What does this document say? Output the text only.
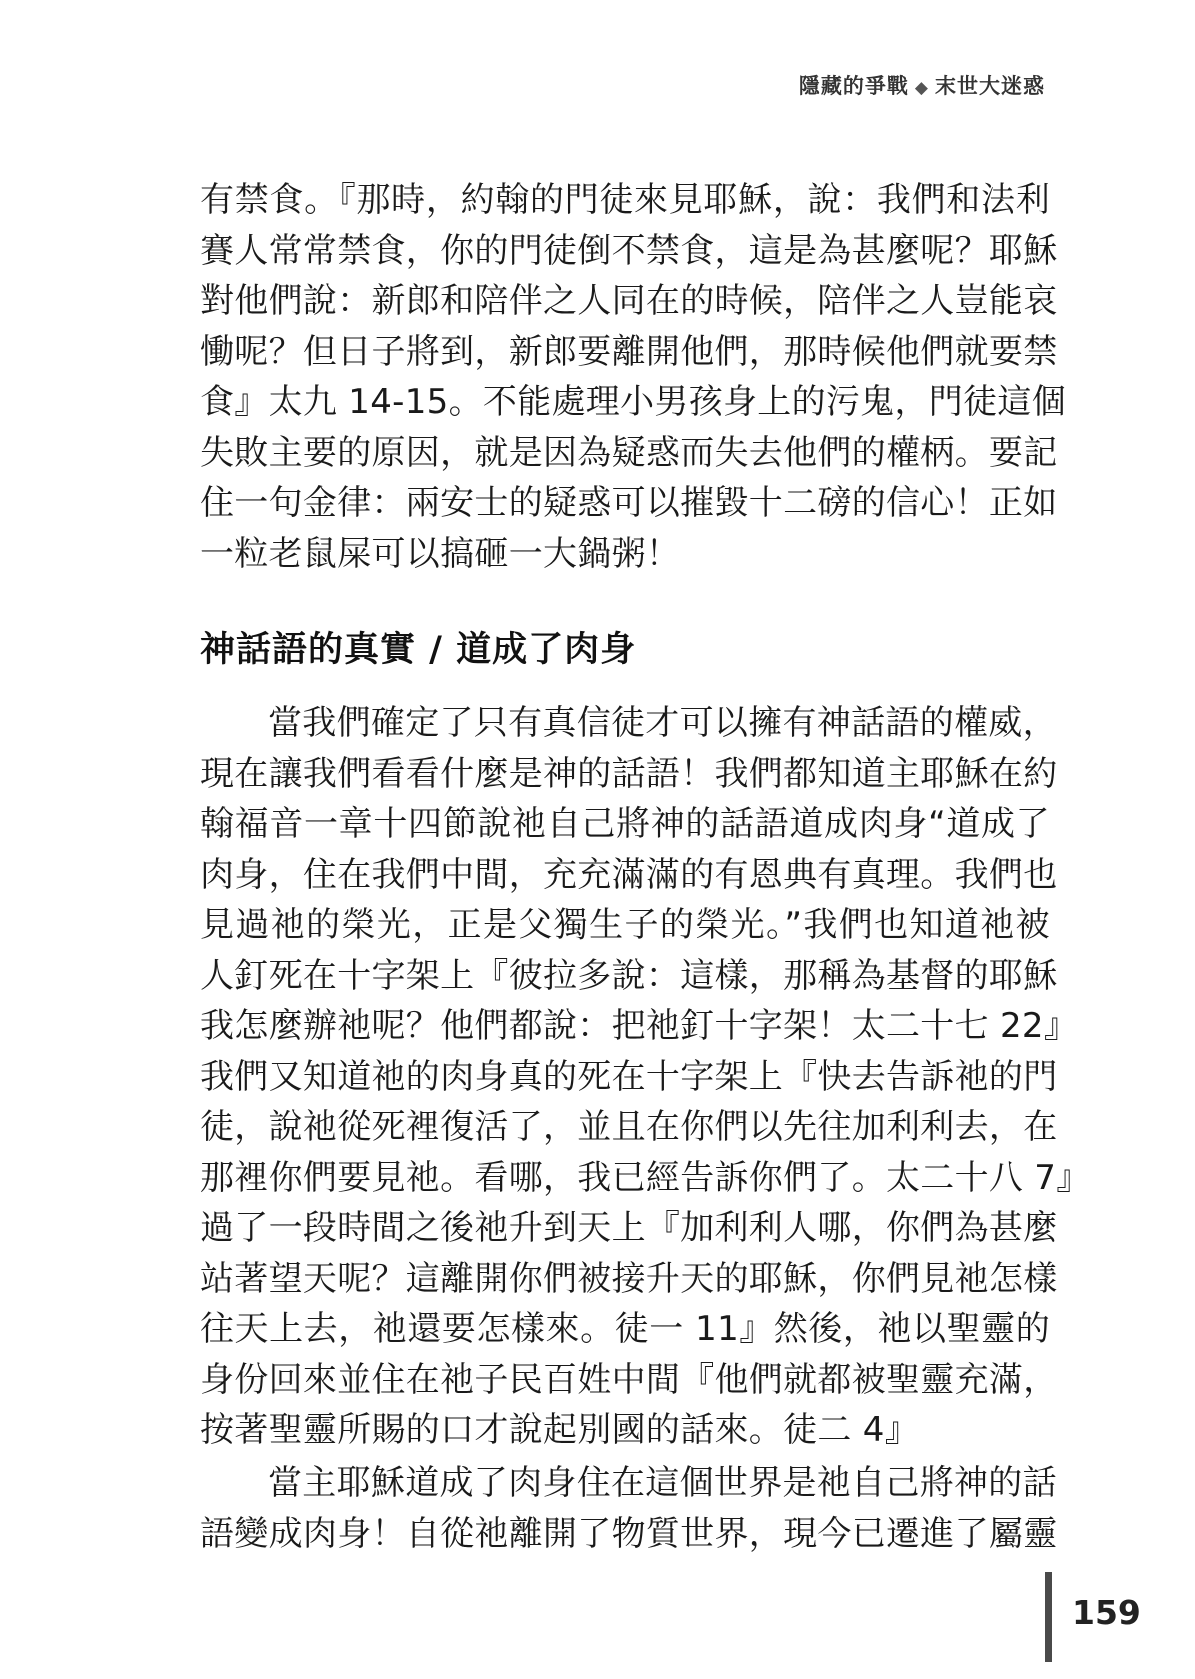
隱藏的爭戰 ◆ 末世大迷惑
有禁食。『那時，約翰的門徒來見耶穌，說：我們和法利
賽人常常禁食，你的門徒倒不禁食，這是為甚麼呢？耶穌
對他們說：新郎和陪伴之人同在的時候，陪伴之人豈能哀
慟呢？但日子將到，新郎要離開他們，那時候他們就要禁
食』太九 14-15。不能處理小男孩身上的污鬼，門徒這個
失敗主要的原因，就是因為疑惑而失去他們的權柄。要記
住一句金律：兩安士的疑惑可以摧毀十二磅的信心！正如
一粒老鼠屎可以搞砸一大鍋粥！
神話語的真實 / 道成了肉身
當我們確定了只有真信徒才可以擁有神話語的權威，
現在讓我們看看什麼是神的話語！我們都知道主耶穌在約
翰福音一章十四節說祂自己將神的話語道成肉身“道成了
肉身，住在我們中間，充充滿滿的有恩典有真理。我們也
見過祂的榮光，正是父獨生子的榮光。”我們也知道祂被
人釘死在十字架上『彼拉多說：這樣，那稱為基督的耶穌
我怎麼辦祂呢？他們都說：把祂釘十字架！太二十七 22』
我們又知道祂的肉身真的死在十字架上『快去告訴祂的門
徒，說祂從死裡復活了，並且在你們以先往加利利去，在
那裡你們要見祂。看哪，我已經告訴你們了。太二十八 7』
過了一段時間之後祂升到天上『加利利人哪，你們為甚麼
站著望天呢？這離開你們被接升天的耶穌，你們見祂怎樣
往天上去，祂還要怎樣來。徒一 11』然後，祂以聖靈的
身份回來並住在祂子民百姓中間『他們就都被聖靈充滿，
按著聖靈所賜的口才說起別國的話來。徒二 4』
當主耶穌道成了肉身住在這個世界是祂自己將神的話
語變成肉身！自從祂離開了物質世界，現今已遷進了屬靈
159
